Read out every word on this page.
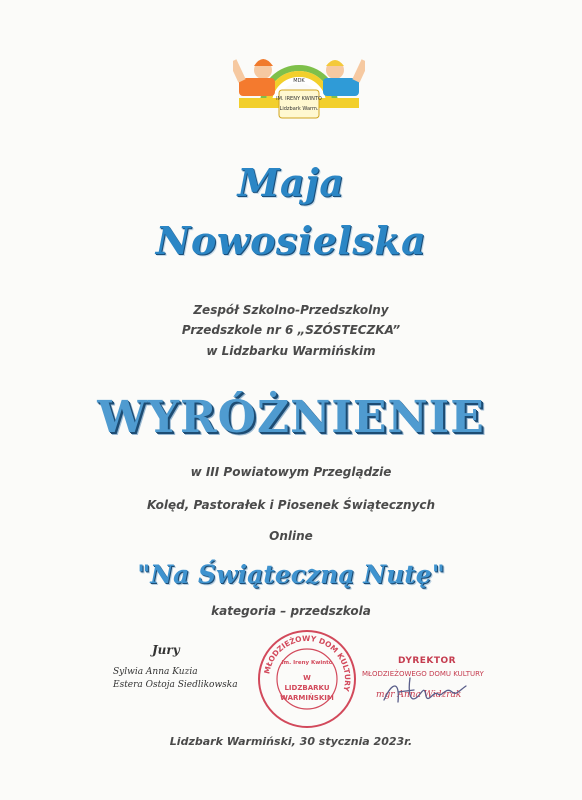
MDK
IM. IRENY KWINTO
Lidzbark Warm.
Maja
Nowosielska
Zespół Szkolno-Przedszkolny
Przedszkole nr 6 „SZÓSTECZKA”
w Lidzbarku Warmińskim
WYRÓŻNIENIE
w III Powiatowym Przeglądzie
Kolęd, Pastorałek i Piosenek Świątecznych
Online
"Na Świąteczną Nutę"
kategoria – przedszkola
Jury
Sylwia Anna Kuzia
Estera Ostoja Siedlikowska
MŁODZIEŻOWY DOM KULTURY
im. Ireny Kwinto
W
LIDZBARKU
WARMIŃSKIM
DYREKTOR
MŁODZIEŻOWEGO DOMU KULTURY
mgr Anna Widzrak
Lidzbark Warmiński, 30 stycznia 2023r.
